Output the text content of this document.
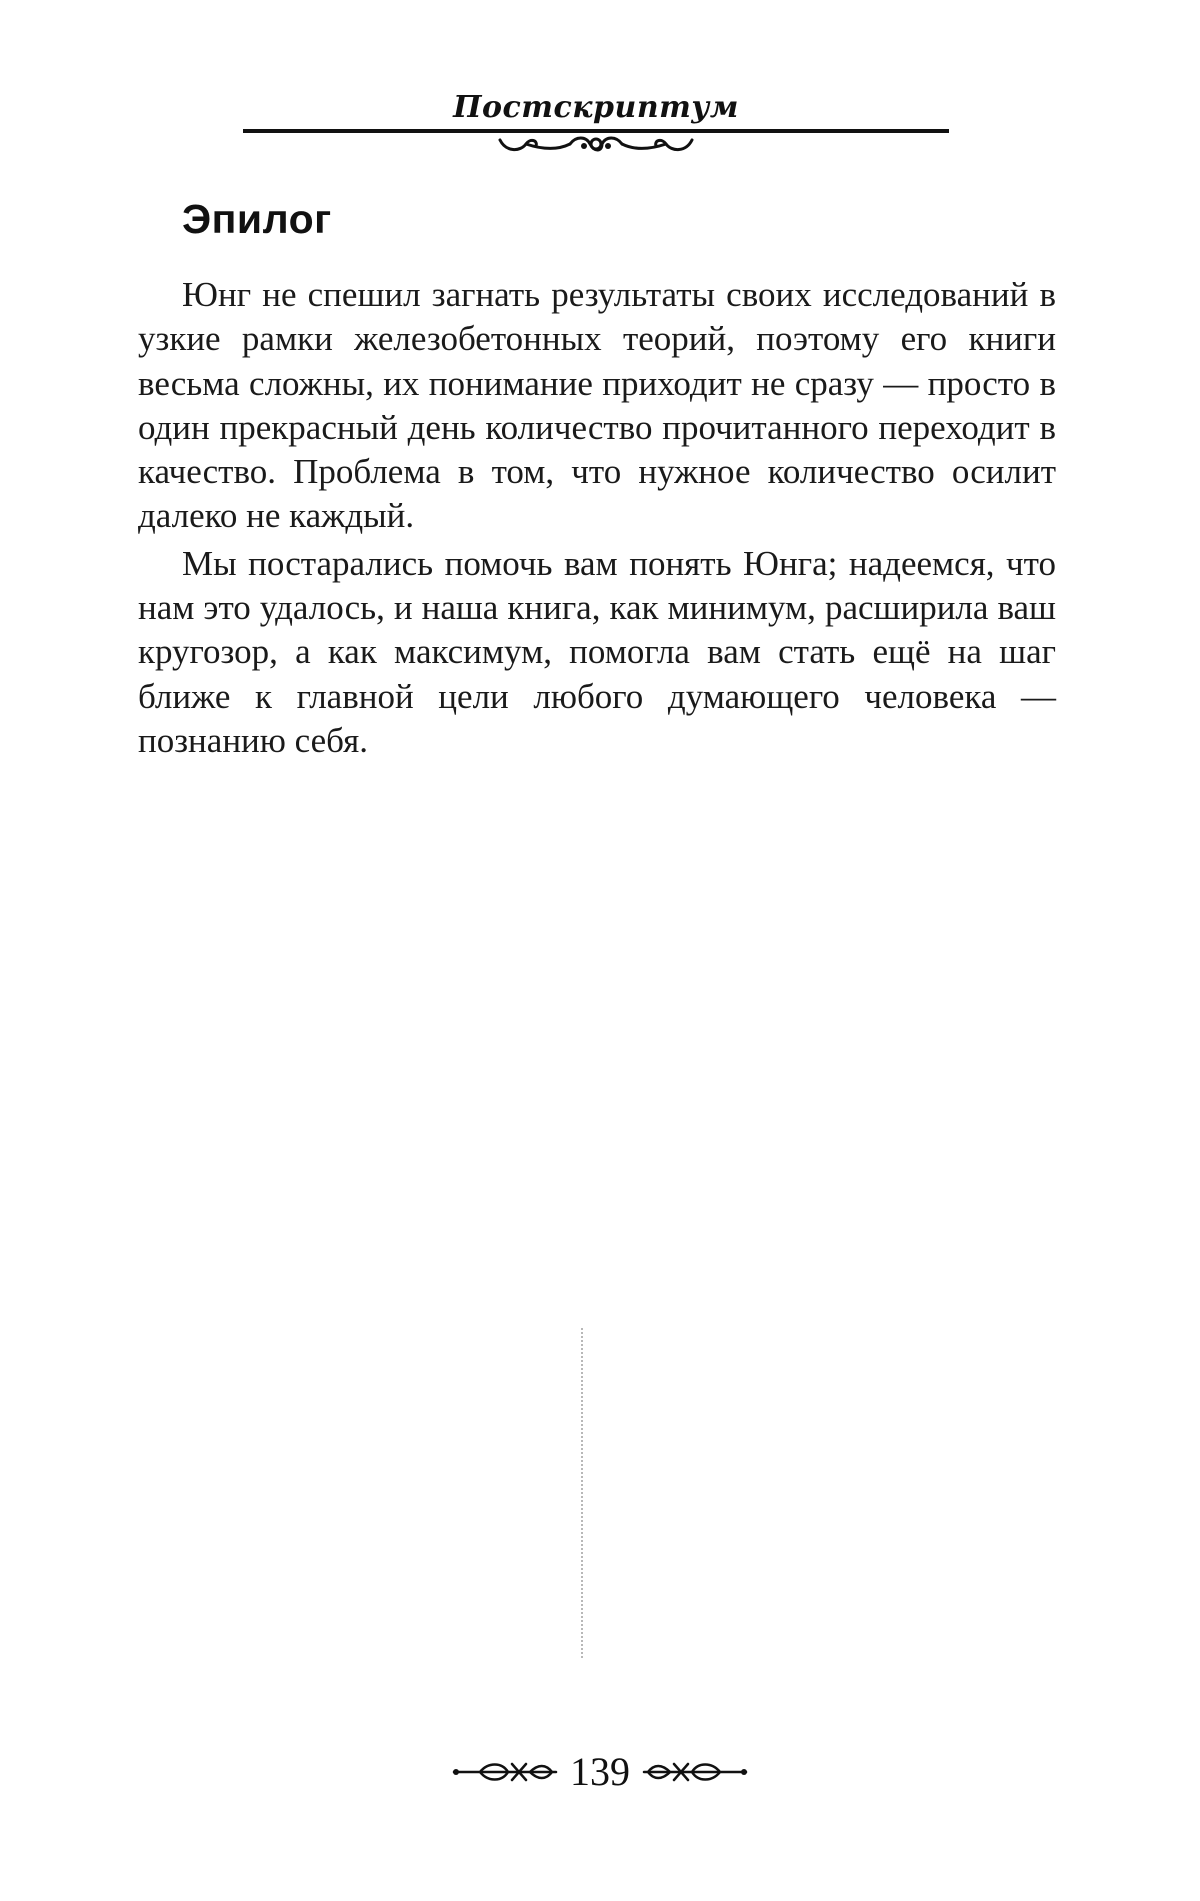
Постскриптум
Эпилог

Юнг не спешил загнать результаты своих исследований в узкие рамки железобетонных теорий, поэтому его книги весьма сложны, их понимание приходит не сразу — просто в один прекрасный день количество прочитанного переходит в качество. Проблема в том, что нужное количество осилит далеко не каждый.

Мы постарались помочь вам понять Юнга; надеемся, что нам это удалось, и наша книга, как минимум, расширила ваш кругозор, а как максимум, помогла вам стать ещё на шаг ближе к главной цели любого думающего человека — познанию себя.

139
